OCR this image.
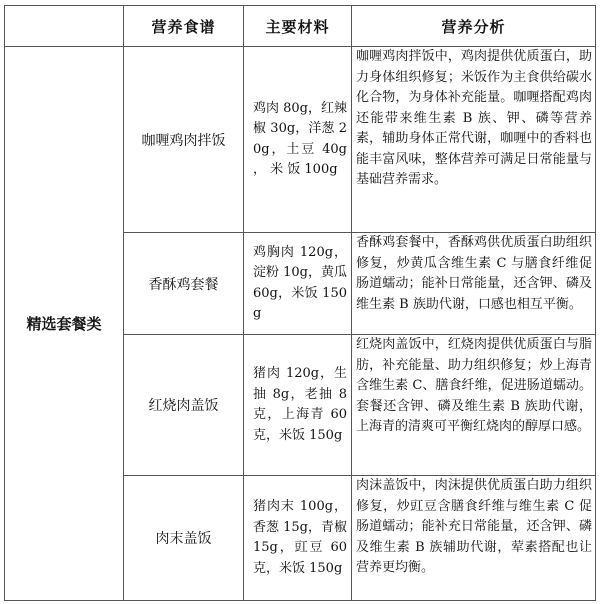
	营养食谱	主要材料	营养分析
精选套餐类	咖喱鸡肉拌饭	鸡肉 80g，红辣椒 30g，洋葱 20g，土豆 40g ， 米 饭 100g	咖喱鸡肉拌饭中，鸡肉提供优质蛋白，助力身体组织修复；米饭作为主食供给碳水化合物，为身体补充能量。咖喱搭配鸡肉还能带来维生素 B 族、钾、磷等营养素，辅助身体正常代谢，咖喱中的香料也能丰富风味，整体营养可满足日常能量与基础营养需求。
	香酥鸡套餐	鸡胸肉 120g，淀粉 10g，黄瓜 60g，米饭 150g	香酥鸡套餐中，香酥鸡供优质蛋白助组织修复，炒黄瓜含维生素 C 与膳食纤维促肠道蠕动；能补日常能量，还含钾、磷及维生素 B 族助代谢，口感也相互平衡。
	红烧肉盖饭	猪肉 120g，生抽 8g，老抽 8 克，上海青 60 克，米饭 150g	红烧肉盖饭中，红烧肉提供优质蛋白与脂肪，补充能量、助力组织修复；炒上海青含维生素 C、膳食纤维，促进肠道蠕动。套餐还含钾、磷及维生素 B 族助代谢，上海青的清爽可平衡红烧肉的醇厚口感。
	肉末盖饭	猪肉末 100g，香葱 15g，青椒 15g，豇豆 60 克，米饭 150g	肉沫盖饭中，肉沫提供优质蛋白助力组织修复，炒豇豆含膳食纤维与维生素 C 促肠道蠕动；能补充日常能量，还含钾、磷及维生素 B 族辅助代谢，荤素搭配也让营养更均衡。
